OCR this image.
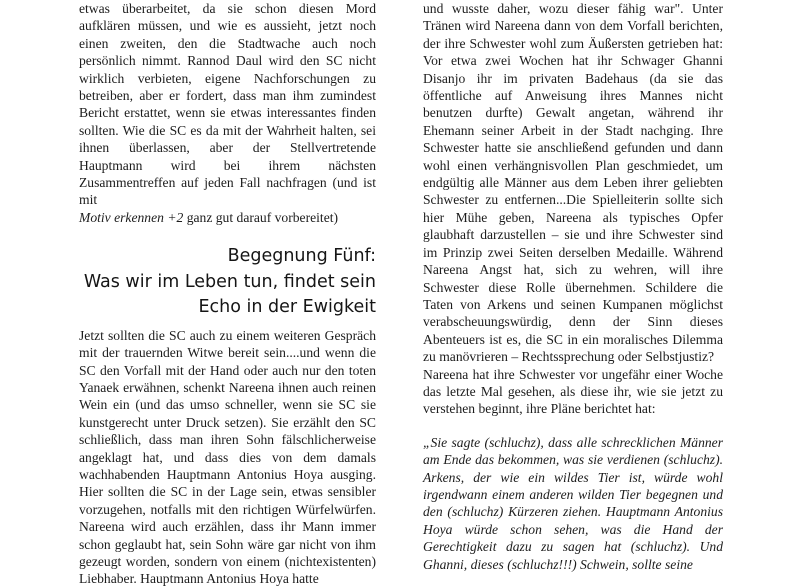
etwas überarbeitet, da sie schon diesen Mord aufklären müssen, und wie es aussieht, jetzt noch einen zweiten, den die Stadtwache auch noch persönlich nimmt. Rannod Daul wird den SC nicht wirklich verbieten, eigene Nachforschungen zu betreiben, aber er fordert, dass man ihm zumindest Bericht erstattet, wenn sie etwas interessantes finden sollten. Wie die SC es da mit der Wahrheit halten, sei ihnen überlassen, aber der Stellvertretende Hauptmann wird bei ihrem nächsten Zusammentreffen auf jeden Fall nachfragen (und ist mit
Motiv erkennen +2 ganz gut darauf vorbereitet)

Begegnung Fünf:
Was wir im Leben tun, findet sein
Echo in der Ewigkeit

Jetzt sollten die SC auch zu einem weiteren Gespräch mit der trauernden Witwe bereit sein....und wenn die SC den Vorfall mit der Hand oder auch nur den toten Yanaek erwähnen, schenkt Nareena ihnen auch reinen Wein ein (und das umso schneller, wenn sie SC sie kunstgerecht unter Druck setzen). Sie erzählt den SC schließlich, dass man ihren Sohn fälschlicherweise angeklagt hat, und dass dies von dem damals wachhabenden Hauptmann Antonius Hoya ausging. Hier sollten die SC in der Lage sein, etwas sensibler vorzugehen, notfalls mit den richtigen Würfelwürfen. Nareena wird auch erzählen, dass ihr Mann immer schon geglaubt hat, sein Sohn wäre gar nicht von ihm gezeugt worden, sondern von einem (nichtexistenten) Liebhaber. Hauptmann Antonius Hoya hatte

und wusste daher, wozu dieser fähig war". Unter Tränen wird Nareena dann von dem Vorfall berichten, der ihre Schwester wohl zum Äußersten getrieben hat: Vor etwa zwei Wochen hat ihr Schwager Ghanni Disanjo ihr im privaten Badehaus (da sie das öffentliche auf Anweisung ihres Mannes nicht benutzen durfte) Gewalt angetan, während ihr Ehemann seiner Arbeit in der Stadt nachging. Ihre Schwester hatte sie anschließend gefunden und dann wohl einen verhängnisvollen Plan geschmiedet, um endgültig alle Männer aus dem Leben ihrer geliebten Schwester zu entfernen...Die Spielleiterin sollte sich hier Mühe geben, Nareena als typisches Opfer glaubhaft darzustellen – sie und ihre Schwester sind im Prinzip zwei Seiten derselben Medaille. Während Nareena Angst hat, sich zu wehren, will ihre Schwester diese Rolle übernehmen. Schildere die Taten von Arkens und seinen Kumpanen möglichst verabscheuungswürdig, denn der Sinn dieses Abenteuers ist es, die SC in ein moralisches Dilemma zu manövrieren – Rechtssprechung oder Selbstjustiz?

Nareena hat ihre Schwester vor ungefähr einer Woche das letzte Mal gesehen, als diese ihr, wie sie jetzt zu verstehen beginnt, ihre Pläne berichtet hat:

„Sie sagte (schluchz), dass alle schrecklichen Männer am Ende das bekommen, was sie verdienen (schluchz). Arkens, der wie ein wildes Tier ist, würde wohl irgendwann einem anderen wilden Tier begegnen und den (schluchz) Kürzeren ziehen. Hauptmann Antonius Hoya würde schon sehen, was die Hand der Gerechtigkeit dazu zu sagen hat (schluchz). Und Ghanni, dieses (schluchz!!!) Schwein, sollte seine
